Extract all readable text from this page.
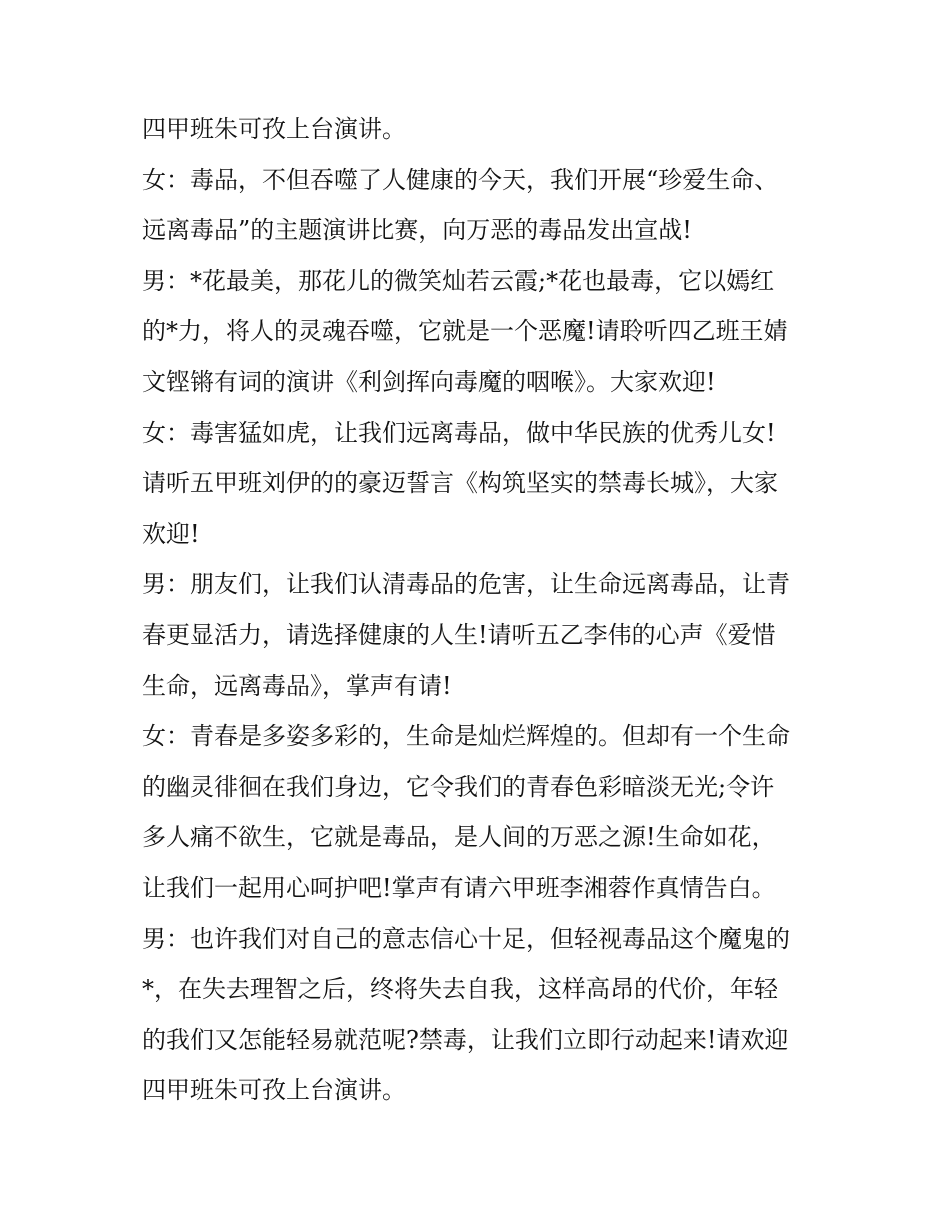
四甲班朱可孜上台演讲。
女：毒品，不但吞噬了人健康的今天，我们开展“珍爱生命、
远离毒品”的主题演讲比赛，向万恶的毒品发出宣战!
男：*花最美，那花儿的微笑灿若云霞;*花也最毒，它以嫣红
的*力，将人的灵魂吞噬，它就是一个恶魔!请聆听四乙班王婧
文铿锵有词的演讲《利剑挥向毒魔的咽喉》。大家欢迎!
女：毒害猛如虎，让我们远离毒品，做中华民族的优秀儿女!
请听五甲班刘伊的的豪迈誓言《构筑坚实的禁毒长城》，大家
欢迎!
男：朋友们，让我们认清毒品的危害，让生命远离毒品，让青
春更显活力，请选择健康的人生!请听五乙李伟的心声《爱惜
生命，远离毒品》，掌声有请!
女：青春是多姿多彩的，生命是灿烂辉煌的。但却有一个生命
的幽灵徘徊在我们身边，它令我们的青春色彩暗淡无光;令许
多人痛不欲生，它就是毒品，是人间的万恶之源!生命如花，
让我们一起用心呵护吧!掌声有请六甲班李湘蓉作真情告白。
男：也许我们对自己的意志信心十足，但轻视毒品这个魔鬼的
*，在失去理智之后，终将失去自我，这样高昂的代价，年轻
的我们又怎能轻易就范呢?禁毒，让我们立即行动起来!请欢迎
四甲班朱可孜上台演讲。
